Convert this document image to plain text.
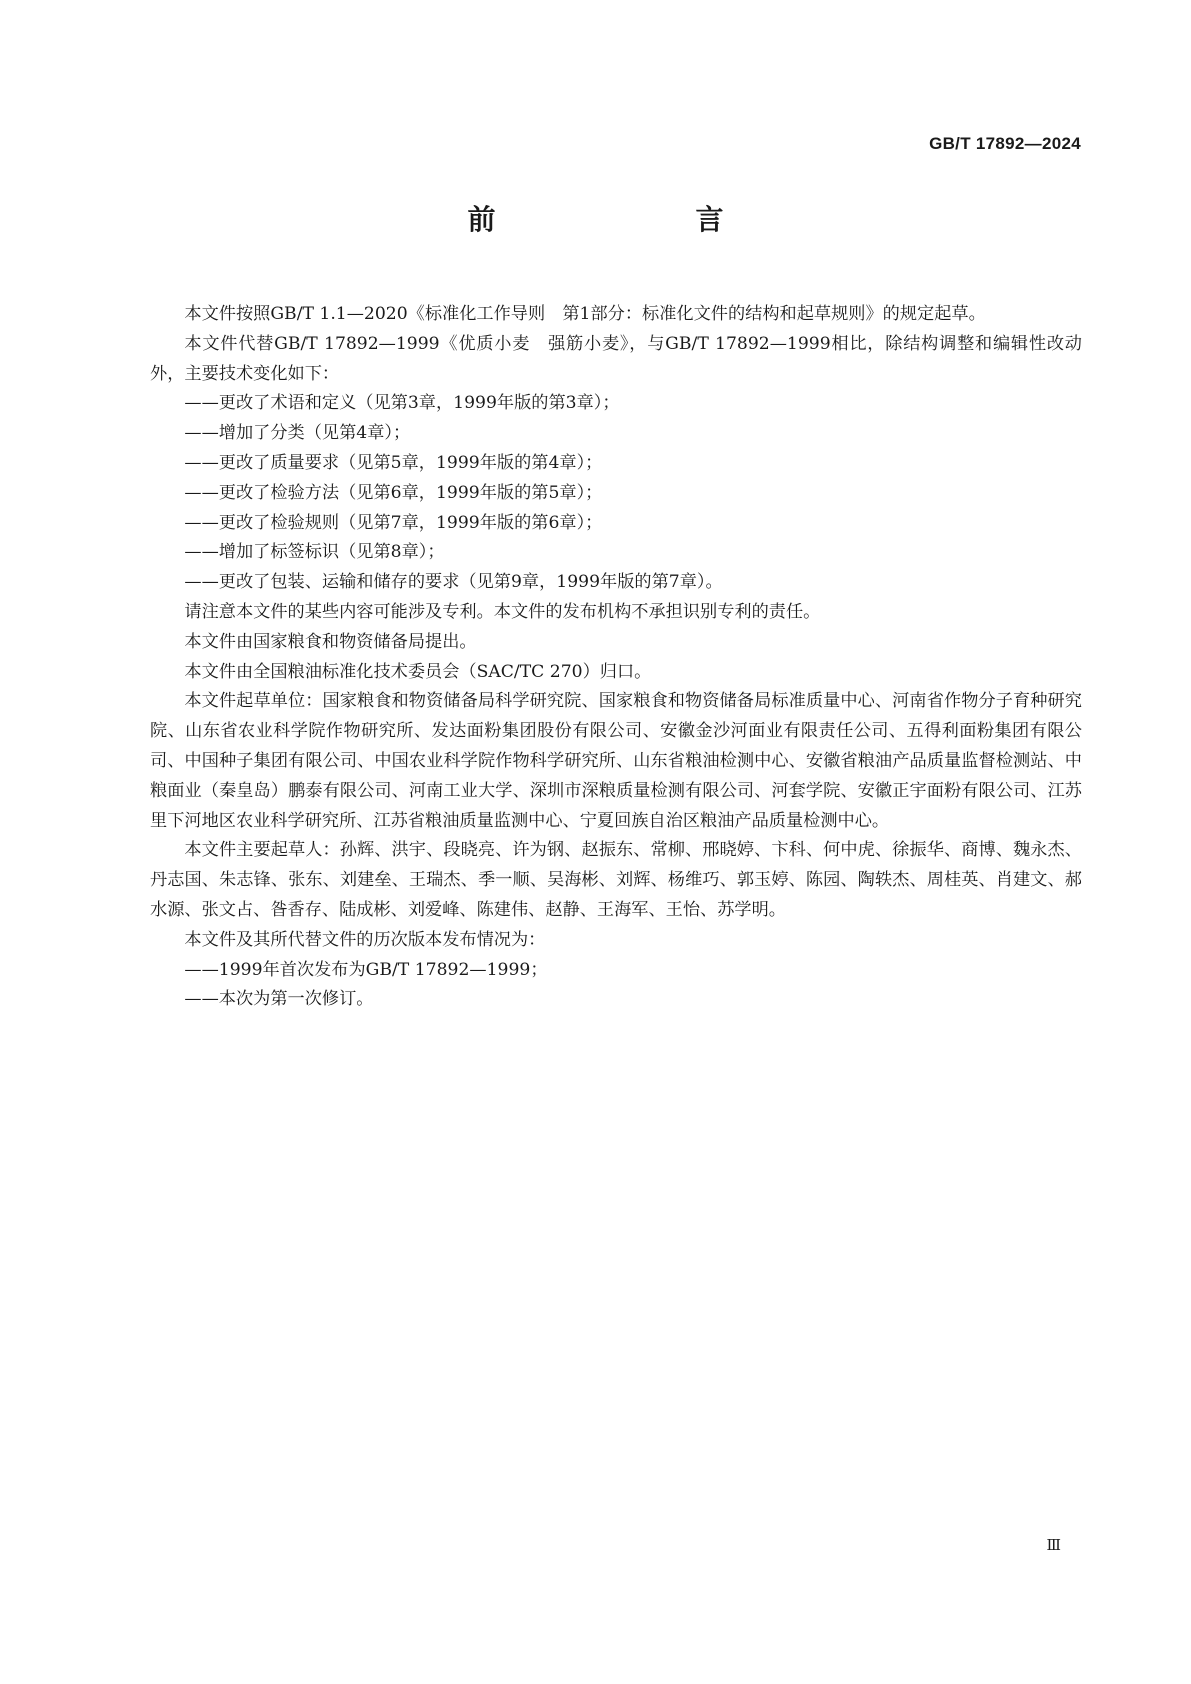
GB/T 17892—2024
前　　言

本文件按照GB/T 1.1—2020《标准化工作导则　第1部分：标准化文件的结构和起草规则》的规定起草。

本文件代替GB/T 17892—1999《优质小麦　强筋小麦》，与GB/T 17892—1999相比，除结构调整和编辑性改动外，主要技术变化如下：

——更改了术语和定义（见第3章，1999年版的第3章）；

——增加了分类（见第4章）；

——更改了质量要求（见第5章，1999年版的第4章）；

——更改了检验方法（见第6章，1999年版的第5章）；

——更改了检验规则（见第7章，1999年版的第6章）；

——增加了标签标识（见第8章）；

——更改了包装、运输和储存的要求（见第9章，1999年版的第7章）。

请注意本文件的某些内容可能涉及专利。本文件的发布机构不承担识别专利的责任。

本文件由国家粮食和物资储备局提出。

本文件由全国粮油标准化技术委员会（SAC/TC 270）归口。

本文件起草单位：国家粮食和物资储备局科学研究院、国家粮食和物资储备局标准质量中心、河南省作物分子育种研究院、山东省农业科学院作物研究所、发达面粉集团股份有限公司、安徽金沙河面业有限责任公司、五得利面粉集团有限公司、中国种子集团有限公司、中国农业科学院作物科学研究所、山东省粮油检测中心、安徽省粮油产品质量监督检测站、中粮面业（秦皇岛）鹏泰有限公司、河南工业大学、深圳市深粮质量检测有限公司、河套学院、安徽正宇面粉有限公司、江苏里下河地区农业科学研究所、江苏省粮油质量监测中心、宁夏回族自治区粮油产品质量检测中心。

本文件主要起草人：孙辉、洪宇、段晓亮、许为钢、赵振东、常柳、邢晓婷、卞科、何中虎、徐振华、商博、魏永杰、丹志国、朱志锋、张东、刘建垒、王瑞杰、季一顺、吴海彬、刘辉、杨维巧、郭玉婷、陈园、陶轶杰、周桂英、肖建文、郝水源、张文占、昝香存、陆成彬、刘爱峰、陈建伟、赵静、王海军、王怡、苏学明。

本文件及其所代替文件的历次版本发布情况为：

——1999年首次发布为GB/T 17892—1999；

——本次为第一次修订。

Ⅲ
